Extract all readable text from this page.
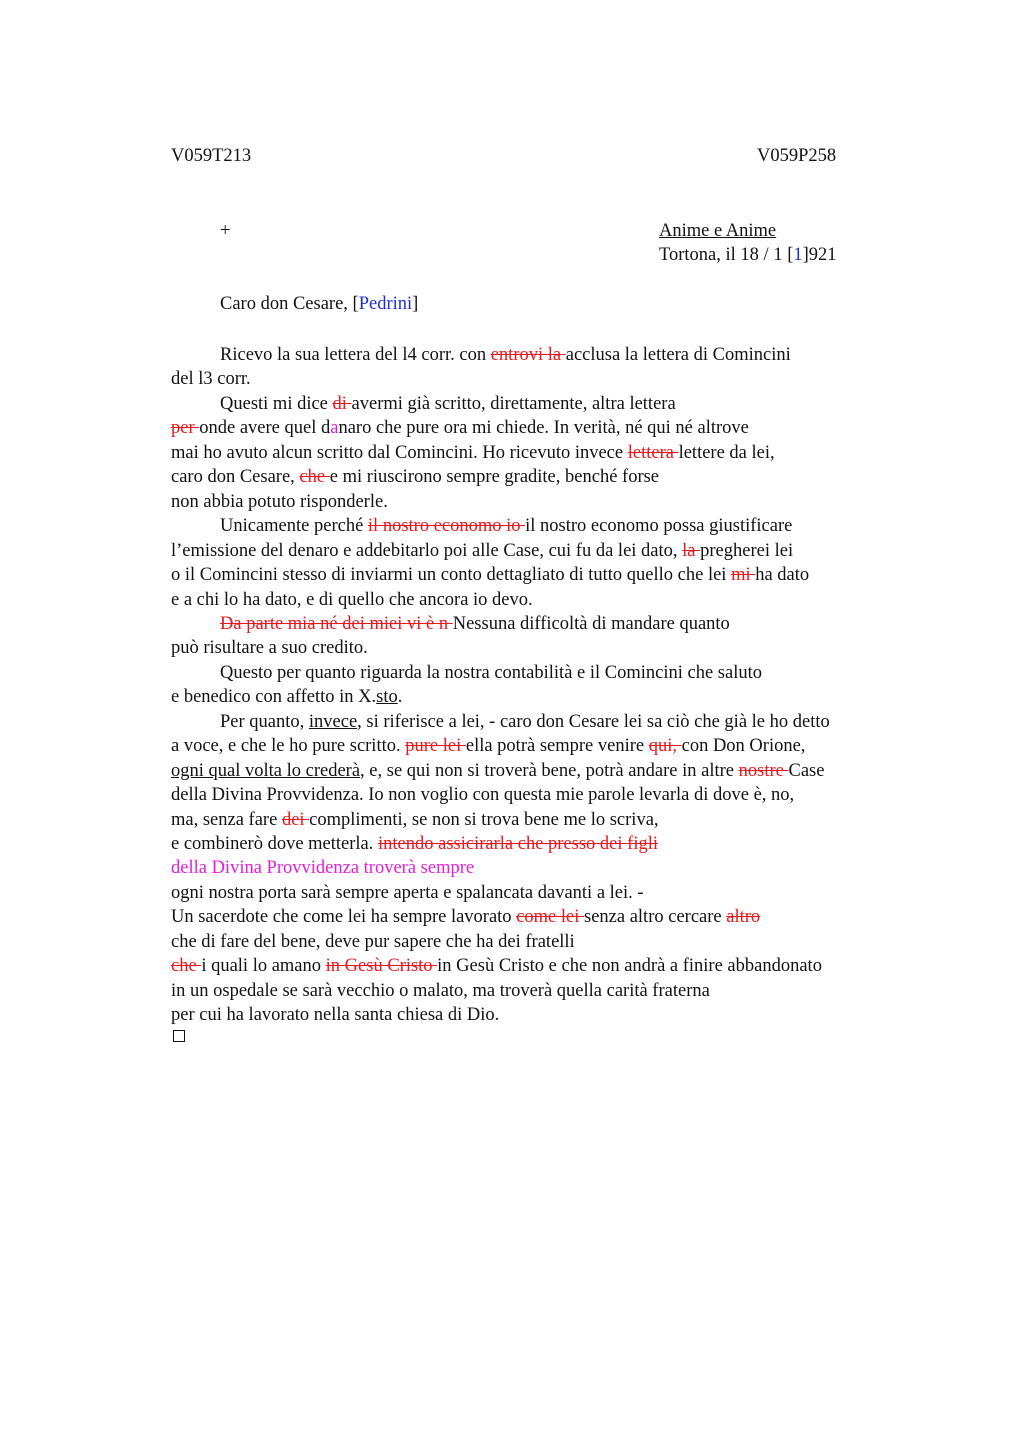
V059T213	V059P258
+	Anime e Anime
Tortona, il 18 / 1 [1]921
Caro don Cesare, [Pedrini]
Ricevo la sua lettera del l4 corr. con entrovi la acclusa la lettera di Comincini
del l3 corr.
Questi mi dice di avermi già scritto, direttamente, altra lettera
per onde avere quel danaro che pure ora mi chiede. In verità, né qui né altrove
mai ho avuto alcun scritto dal Comincini. Ho ricevuto invece lettera lettere da lei,
caro don Cesare, che e mi riuscirono sempre gradite, benché forse
non abbia potuto risponderle.
Unicamente perché il nostro economo io il nostro economo possa giustificare
l’emissione del denaro e addebitarlo poi alle Case, cui fu da lei dato, la pregherei lei
o il Comincini stesso di inviarmi un conto dettagliato di tutto quello che lei mi ha dato
e a chi lo ha dato, e di quello che ancora io devo.
Da parte mia né dei miei vi è n Nessuna difficoltà di mandare quanto
può risultare a suo credito.
Questo per quanto riguarda la nostra contabilità e il Comincini che saluto
e benedico con affetto in X.sto.
Per quanto, invece, si riferisce a lei, - caro don Cesare lei sa ciò che già le ho detto
a voce, e che le ho pure scritto. pure lei ella potrà sempre venire qui, con Don Orione,
ogni qual volta lo crederà, e, se qui non si troverà bene, potrà andare in altre nostre Case
della Divina Provvidenza. Io non voglio con questa mie parole levarla di dove è, no,
ma, senza fare dei complimenti, se non si trova bene me lo scriva,
e combinerò dove metterla. intendo assicirarla che presso dei figli
della Divina Provvidenza troverà sempre
ogni nostra porta sarà sempre aperta e spalancata davanti a lei. -
Un sacerdote che come lei ha sempre lavorato come lei senza altro cercare altro
che di fare del bene, deve pur sapere che ha dei fratelli
che i quali lo amano in Gesù Cristo in Gesù Cristo e che non andrà a finire abbandonato
in un ospedale se sarà vecchio o malato, ma troverà quella carità fraterna
per cui ha lavorato nella santa chiesa di Dio.
